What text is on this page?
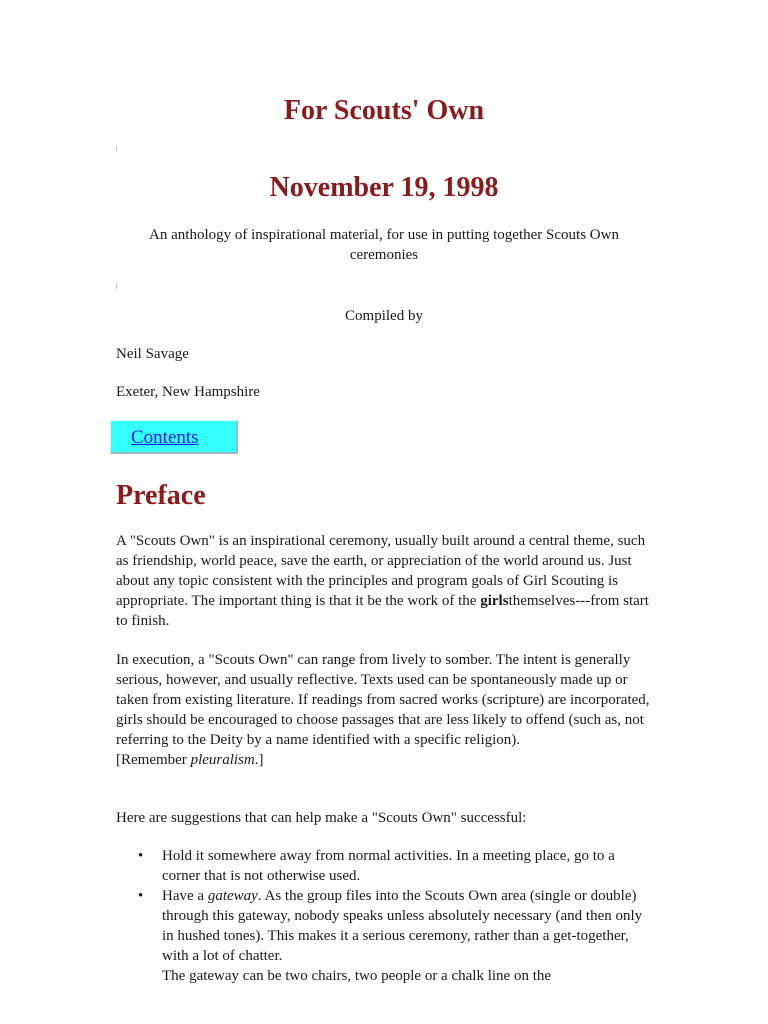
For Scouts' Own
November 19, 1998

An anthology of inspirational material, for use in putting together Scouts Own ceremonies

Compiled by

Neil Savage

Exeter, New Hampshire

Contents
Preface

A "Scouts Own" is an inspirational ceremony, usually built around a central theme, such as friendship, world peace, save the earth, or appreciation of the world around us. Just about any topic consistent with the principles and program goals of Girl Scouting is appropriate. The important thing is that it be the work of the girlsthemselves---from start to finish.

In execution, a "Scouts Own" can range from lively to somber. The intent is generally serious, however, and usually reflective. Texts used can be spontaneously made up or taken from existing literature. If readings from sacred works (scripture) are incorporated, girls should be encouraged to choose passages that are less likely to offend (such as, not referring to the Deity by a name identified with a specific religion).
[Remember pleuralism.]

Here are suggestions that can help make a "Scouts Own" successful:

• Hold it somewhere away from normal activities. In a meeting place, go to a corner that is not otherwise used.
• Have a gateway. As the group files into the Scouts Own area (single or double) through this gateway, nobody speaks unless absolutely necessary (and then only in hushed tones). This makes it a serious ceremony, rather than a get-together, with a lot of chatter.
The gateway can be two chairs, two people or a chalk line on the
